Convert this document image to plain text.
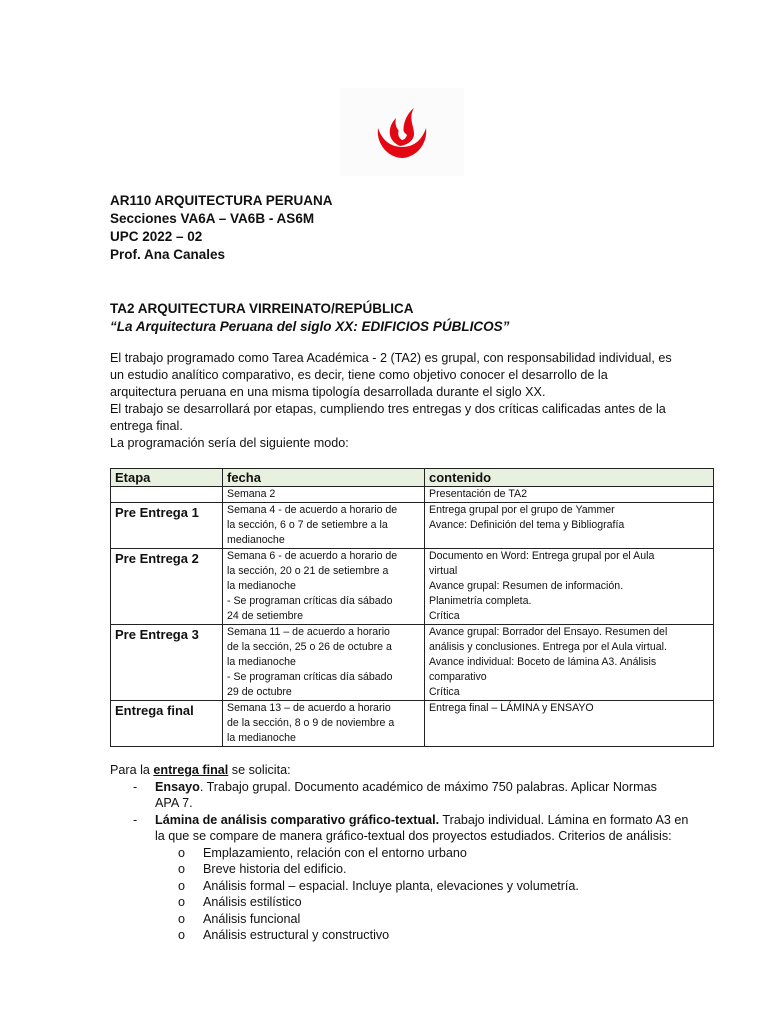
AR110 ARQUITECTURA PERUANA
Secciones VA6A – VA6B - AS6M
UPC 2022 – 02
Prof. Ana Canales
TA2 ARQUITECTURA VIRREINATO/REPÚBLICA
“La Arquitectura Peruana del siglo XX: EDIFICIOS PÚBLICOS”

El trabajo programado como Tarea Académica - 2 (TA2) es grupal, con responsabilidad individual, es

un estudio analítico comparativo, es decir, tiene como objetivo conocer el desarrollo de la

arquitectura peruana en una misma tipología desarrollada durante el siglo XX.

El trabajo se desarrollará por etapas, cumpliendo tres entregas y dos críticas calificadas antes de la

entrega final.

La programación sería del siguiente modo:

Etapa	fecha	contenido

	Semana 2	Presentación de TA2

Pre Entrega 1	Semana 4 - de acuerdo a horario de
la sección, 6 o 7 de setiembre a la
medianoche	Entrega grupal por el grupo de Yammer
Avance: Definición del tema y Bibliografía

Pre Entrega 2	Semana 6 - de acuerdo a horario de
la sección, 20 o 21 de setiembre a
la medianoche
- Se programan críticas día sábado
24 de setiembre	Documento en Word: Entrega grupal por el Aula
virtual
Avance grupal: Resumen de información.
Planimetría completa.
Crítica

Pre Entrega 3	Semana 11 – de acuerdo a horario
de la sección, 25 o 26 de octubre a
la medianoche
- Se programan críticas día sábado
29 de octubre	Avance grupal: Borrador del Ensayo. Resumen del
análisis y conclusiones. Entrega por el Aula virtual.
Avance individual: Boceto de lámina A3. Análisis
comparativo
Crítica

Entrega final	Semana 13 – de acuerdo a horario
de la sección, 8 o 9 de noviembre a
la medianoche	Entrega final – LÁMINA y ENSAYO

Para la entrega final se solicita:

- Ensayo. Trabajo grupal. Documento académico de máximo 750 palabras. Aplicar Normas
APA 7.
- Lámina de análisis comparativo gráfico-textual. Trabajo individual. Lámina en formato A3 en
la que se compare de manera gráfico-textual dos proyectos estudiados. Criterios de análisis:
o Emplazamiento, relación con el entorno urbano
o Breve historia del edificio.
o Análisis formal – espacial. Incluye planta, elevaciones y volumetría.
o Análisis estilístico
o Análisis funcional
o Análisis estructural y constructivo
